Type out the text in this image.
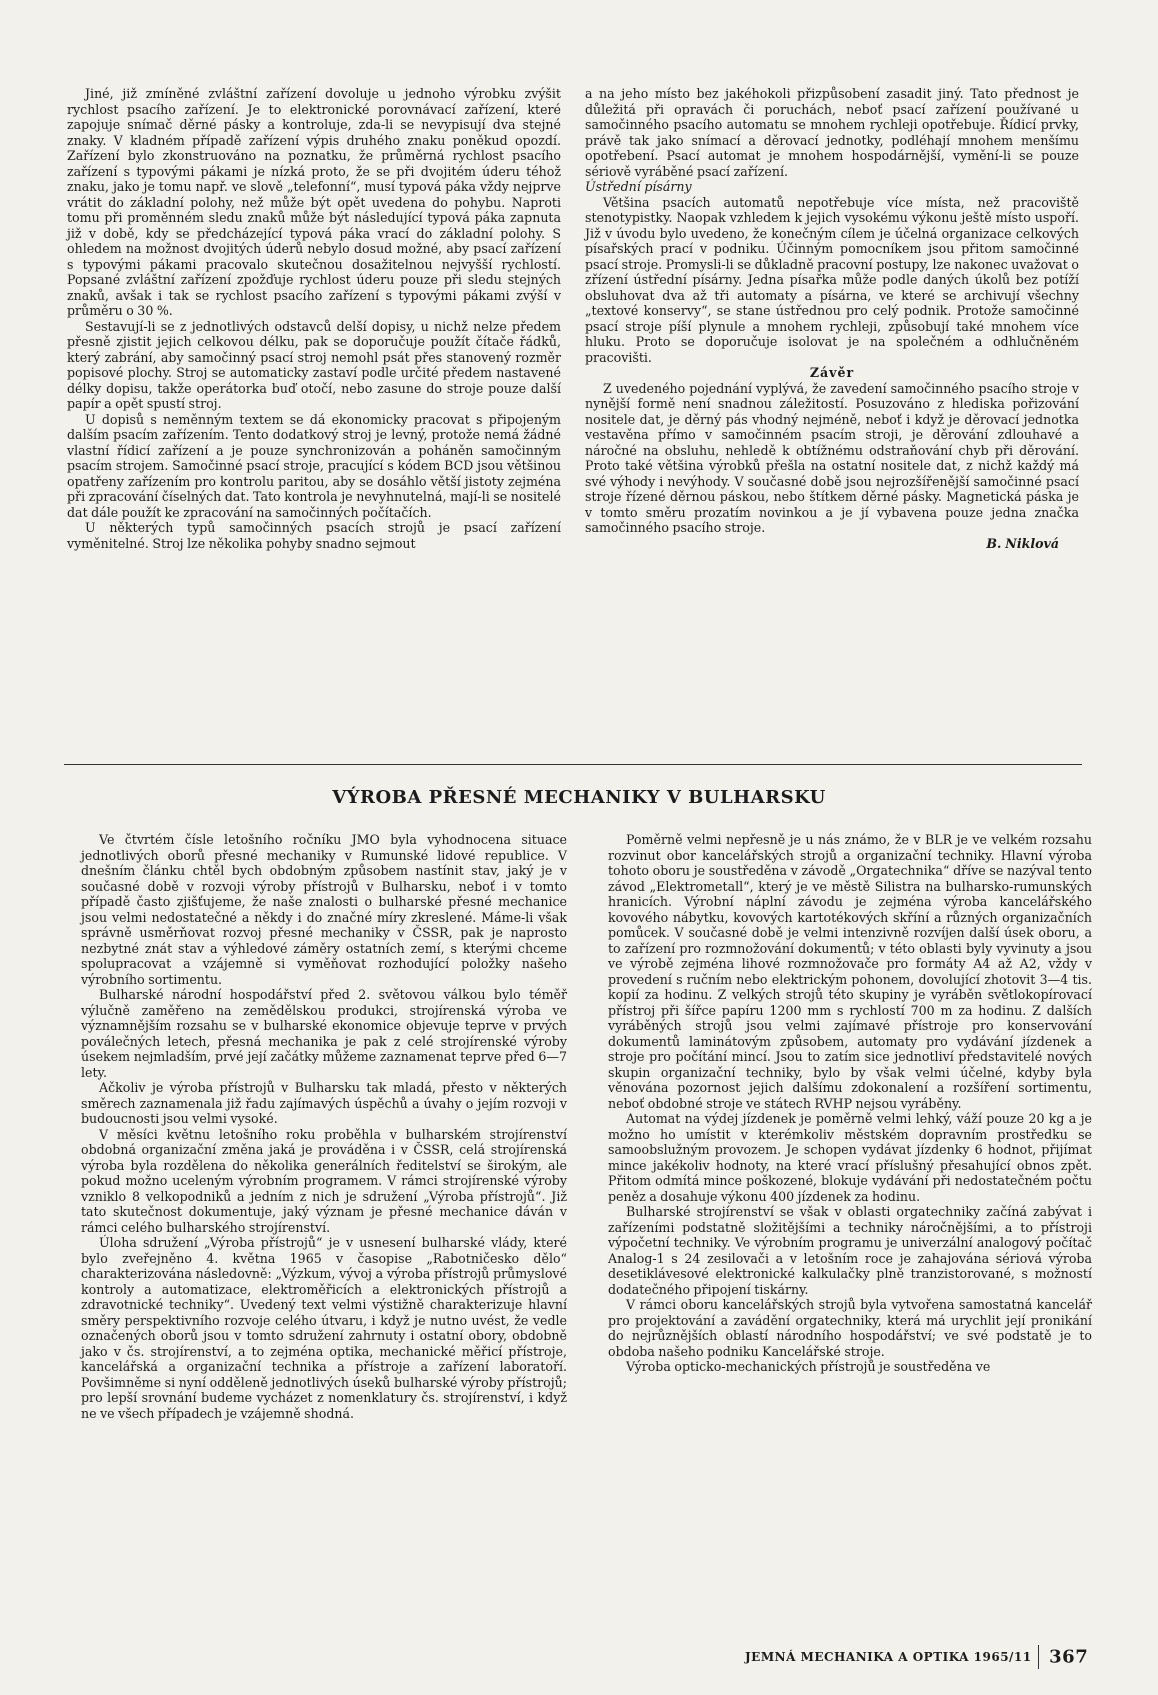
Jiné, již zmíněné zvláštní zařízení dovoluje u jednoho výrobku zvýšit rychlost psacího zařízení. Je to elektronické porovnávací zařízení, které zapojuje snímač děrné pásky a kontroluje, zda-li se nevypisují dva stejné znaky. V kladném případě zařízení výpis druhého znaku poněkud opozdí. Zařízení bylo zkonstruováno na poznatku, že průměrná rychlost psacího zařízení s typovými pákami je nízká proto, že se při dvojitém úderu téhož znaku, jako je tomu např. ve slově „telefonní“, musí typová páka vždy nejprve vrátit do základní polohy, než může být opět uvedena do pohybu. Naproti tomu při proměnném sledu znaků může být následující typová páka zapnuta již v době, kdy se předcházející typová páka vrací do základní polohy. S ohledem na možnost dvojitých úderů nebylo dosud možné, aby psací zařízení s typovými pákami pracovalo skutečnou dosažitelnou nejvyšší rychlostí. Popsané zvláštní zařízení zpožďuje rychlost úderu pouze při sledu stejných znaků, avšak i tak se rychlost psacího zařízení s typovými pákami zvýší v průměru o 30 %.

Sestavují-li se z jednotlivých odstavců delší dopisy, u nichž nelze předem přesně zjistit jejich celkovou délku, pak se doporučuje použít čítače řádků, který zabrání, aby samočinný psací stroj nemohl psát přes stanovený rozměr popisové plochy. Stroj se automaticky zastaví podle určité předem nastavené délky dopisu, takže operátorka buď otočí, nebo zasune do stroje pouze další papír a opět spustí stroj.

U dopisů s neměnným textem se dá ekonomicky pracovat s připojeným dalším psacím zařízením. Tento dodatkový stroj je levný, protože nemá žádné vlastní řídicí zařízení a je pouze synchronizován a poháněn samočinným psacím strojem. Samočinné psací stroje, pracující s kódem BCD jsou většinou opatřeny zařízením pro kontrolu paritou, aby se dosáhlo větší jistoty zejména při zpracování číselných dat. Tato kontrola je nevyhnutelná, mají-li se nositelé dat dále použít ke zpracování na samočinných počítačích.

U některých typů samočinných psacích strojů je psací zařízení vyměnitelné. Stroj lze několika pohyby snadno sejmout

a na jeho místo bez jakéhokoli přizpůsobení zasadit jiný. Tato přednost je důležitá při opravách či poruchách, neboť psací zařízení používané u samočinného psacího automatu se mnohem rychleji opotřebuje. Řídicí prvky, právě tak jako snímací a děrovací jednotky, podléhají mnohem menšímu opotřebení. Psací automat je mnohem hospodárnější, vymění-li se pouze sériově vyráběné psací zařízení.

Ústřední písárny

Většina psacích automatů nepotřebuje více místa, než pracoviště stenotypistky. Naopak vzhledem k jejich vysokému výkonu ještě místo uspoří. Již v úvodu bylo uvedeno, že konečným cílem je účelná organizace celkových písařských prací v podniku. Účinným pomocníkem jsou přitom samočinné psací stroje. Promysli-li se důkladně pracovní postupy, lze nakonec uvažovat o zřízení ústřední písárny. Jedna písařka může podle daných úkolů bez potíží obsluhovat dva až tři automaty a písárna, ve které se archivují všechny „textové konservy“, se stane ústřednou pro celý podnik. Protože samočinné psací stroje píší plynule a mnohem rychleji, způsobují také mnohem více hluku. Proto se doporučuje isolovat je na společném a odhlučněném pracovišti.

Závěr

Z uvedeného pojednání vyplývá, že zavedení samočinného psacího stroje v nynější formě není snadnou záležitostí. Posuzováno z hlediska pořizování nositele dat, je děrný pás vhodný nejméně, neboť i když je děrovací jednotka vestavěna přímo v samočinném psacím stroji, je děrování zdlouhavé a náročné na obsluhu, nehledě k obtížnému odstraňování chyb při děrování. Proto také většina výrobků přešla na ostatní nositele dat, z nichž každý má své výhody i nevýhody. V současné době jsou nejrozšířenější samočinné psací stroje řízené děrnou páskou, nebo štítkem děrné pásky. Magnetická páska je v tomto směru prozatím novinkou a je jí vybavena pouze jedna značka samočinného psacího stroje.

B. Niklová
VÝROBA PŘESNÉ MECHANIKY V BULHARSKU

Ve čtvrtém čísle letošního ročníku JMO byla vyhodnocena situace jednotlivých oborů přesné mechaniky v Rumunské lidové republice. V dnešním článku chtěl bych obdobným způsobem nastínit stav, jaký je v současné době v rozvoji výroby přístrojů v Bulharsku, neboť i v tomto případě často zjišťujeme, že naše znalosti o bulharské přesné mechanice jsou velmi nedostatečné a někdy i do značné míry zkreslené. Máme-li však správně usměrňovat rozvoj přesné mechaniky v ČSSR, pak je naprosto nezbytné znát stav a výhledové záměry ostatních zemí, s kterými chceme spolupracovat a vzájemně si vyměňovat rozhodující položky našeho výrobního sortimentu.

Bulharské národní hospodářství před 2. světovou válkou bylo téměř výlučně zaměřeno na zemědělskou produkci, strojírenská výroba ve významnějším rozsahu se v bulharské ekonomice objevuje teprve v prvých poválečných letech, přesná mechanika je pak z celé strojírenské výroby úsekem nejmladším, prvé její začátky můžeme zaznamenat teprve před 6—7 lety.

Ačkoliv je výroba přístrojů v Bulharsku tak mladá, přesto v některých směrech zaznamenala již řadu zajímavých úspěchů a úvahy o jejím rozvoji v budoucnosti jsou velmi vysoké.

V měsíci květnu letošního roku proběhla v bulharském strojírenství obdobná organizační změna jaká je prováděna i v ČSSR, celá strojírenská výroba byla rozdělena do několika generálních ředitelství se širokým, ale pokud možno uceleným výrobním programem. V rámci strojírenské výroby vzniklo 8 velkopodniků a jedním z nich je sdružení „Výroba přístrojů“. Již tato skutečnost dokumentuje, jaký význam je přesné mechanice dáván v rámci celého bulharského strojírenství.

Úloha sdružení „Výroba přístrojů“ je v usnesení bulharské vlády, které bylo zveřejněno 4. května 1965 v časopise „Rabotničesko dělo“ charakterizována následovně: „Výzkum, vývoj a výroba přístrojů průmyslové kontroly a automatizace, elektroměřicích a elektronických přístrojů a zdravotnické techniky“. Uvedený text velmi výstižně charakterizuje hlavní směry perspektivního rozvoje celého útvaru, i když je nutno uvést, že vedle označených oborů jsou v tomto sdružení zahrnuty i ostatní obory, obdobně jako v čs. strojírenství, a to zejména optika, mechanické měřicí přístroje, kancelářská a organizační technika a přístroje a zařízení laboratoří. Povšimněme si nyní odděleně jednotlivých úseků bulharské výroby přístrojů; pro lepší srovnání budeme vycházet z nomenklatury čs. strojírenství, i když ne ve všech případech je vzájemně shodná.

Poměrně velmi nepřesně je u nás známo, že v BLR je ve velkém rozsahu rozvinut obor kancelářských strojů a organizační techniky. Hlavní výroba tohoto oboru je soustředěna v závodě „Orgatechnika“ dříve se nazýval tento závod „Elektrometall“, který je ve městě Silistra na bulharsko-rumunských hranicích. Výrobní náplní závodu je zejména výroba kancelářského kovového nábytku, kovových kartotékových skříní a různých organizačních pomůcek. V současné době je velmi intenzivně rozvíjen další úsek oboru, a to zařízení pro rozmnožování dokumentů; v této oblasti byly vyvinuty a jsou ve výrobě zejména lihové rozmnožovače pro formáty A4 až A2, vždy v provedení s ručním nebo elektrickým pohonem, dovolující zhotovit 3—4 tis. kopií za hodinu. Z velkých strojů této skupiny je vyráběn světlokopírovací přístroj při šířce papíru 1200 mm s rychlostí 700 m za hodinu. Z dalších vyráběných strojů jsou velmi zajímavé přístroje pro konservování dokumentů laminátovým způsobem, automaty pro vydávání jízdenek a stroje pro počítání mincí. Jsou to zatím sice jednotliví představitelé nových skupin organizační techniky, bylo by však velmi účelné, kdyby byla věnována pozornost jejich dalšímu zdokonalení a rozšíření sortimentu, neboť obdobné stroje ve státech RVHP nejsou vyráběny.

Automat na výdej jízdenek je poměrně velmi lehký, váží pouze 20 kg a je možno ho umístit v kterémkoliv městském dopravním prostředku se samoobslužným provozem. Je schopen vydávat jízdenky 6 hodnot, přijímat mince jakékoliv hodnoty, na které vrací příslušný přesahující obnos zpět. Přitom odmítá mince poškozené, blokuje vydávání při nedostatečném počtu peněz a dosahuje výkonu 400 jízdenek za hodinu.

Bulharské strojírenství se však v oblasti orgatechniky začíná zabývat i zařízeními podstatně složitějšími a techniky náročnějšími, a to přístroji výpočetní techniky. Ve výrobním programu je univerzální analogový počítač Analog-1 s 24 zesilovači a v letošním roce je zahajována sériová výroba desetiklávesové elektronické kalkulačky plně tranzistorované, s možností dodatečného připojení tiskárny.

V rámci oboru kancelářských strojů byla vytvořena samostatná kancelář pro projektování a zavádění orgatechniky, která má urychlit její pronikání do nejrůznějších oblastí národního hospodářství; ve své podstatě je to obdoba našeho podniku Kancelářské stroje.

Výroba opticko-mechanických přístrojů je soustředěna ve

JEMNÁ MECHANIKA A OPTIKA 1965/11 367
